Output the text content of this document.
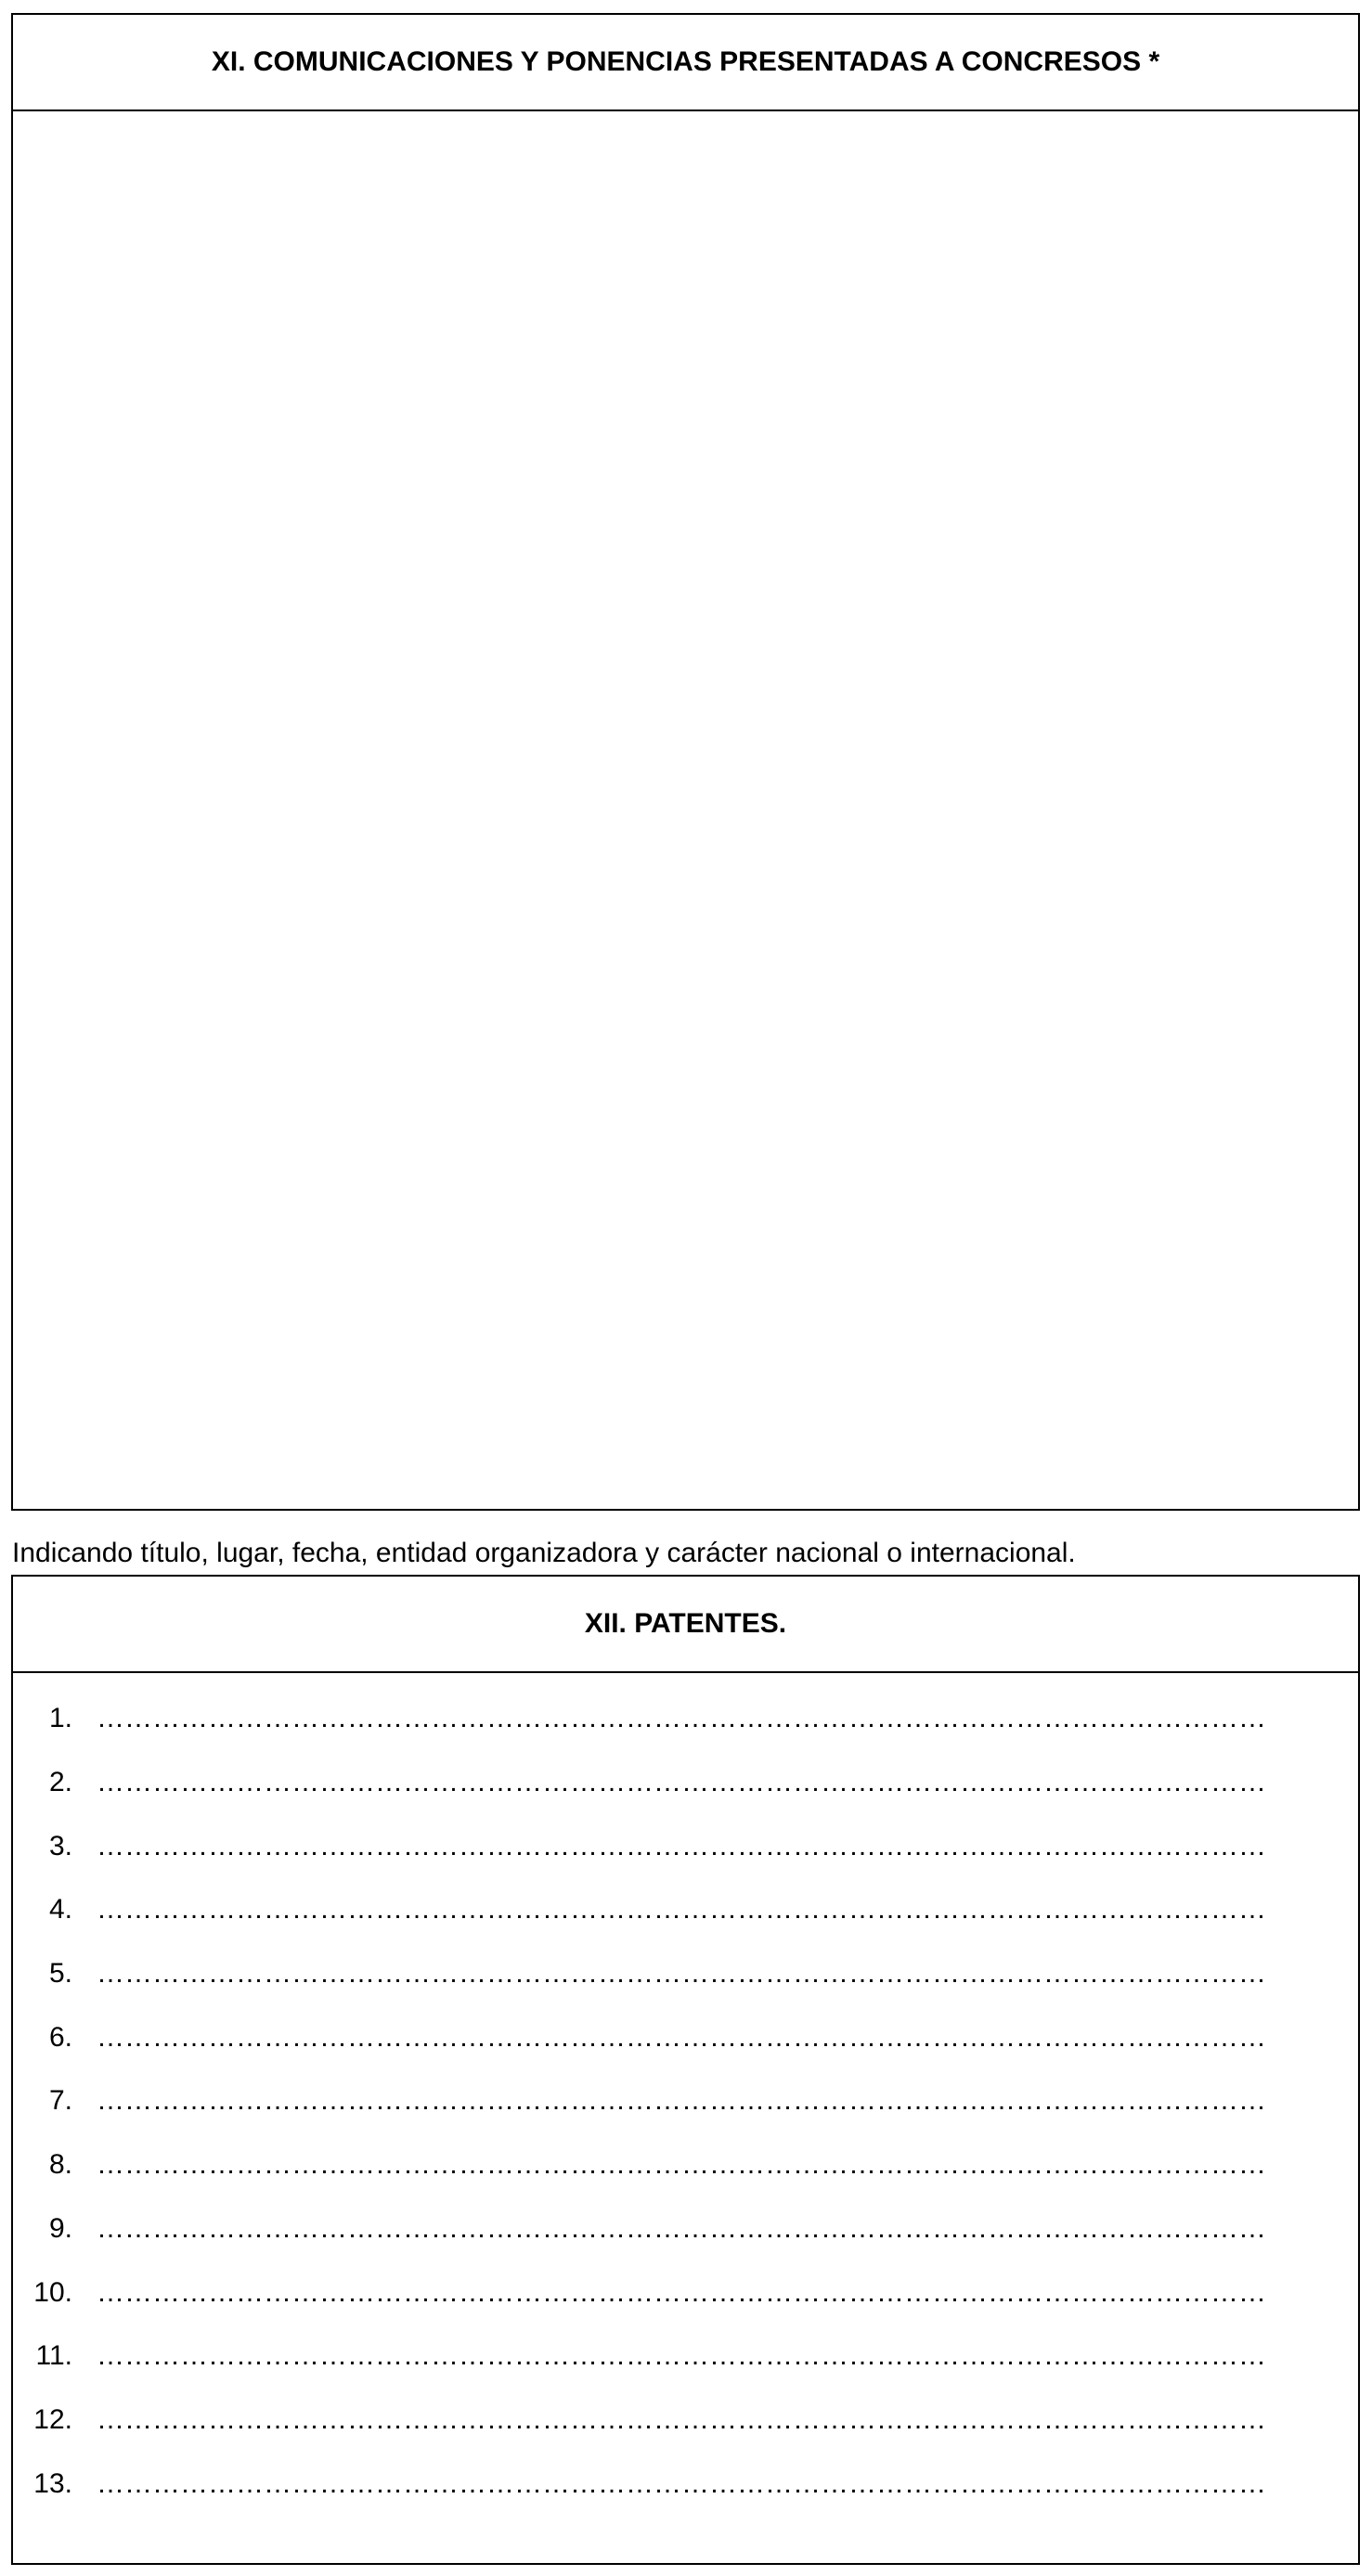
XI. COMUNICACIONES Y PONENCIAS PRESENTADAS A CONCRESOS *
Indicando título, lugar, fecha, entidad organizadora y carácter nacional o internacional.
XII. PATENTES.
1. ………………………………………………………………………………………………………………
2. ………………………………………………………………………………………………………………
3. ………………………………………………………………………………………………………………
4. ………………………………………………………………………………………………………………
5. ………………………………………………………………………………………………………………
6. ………………………………………………………………………………………………………………
7. ………………………………………………………………………………………………………………
8. ………………………………………………………………………………………………………………
9. ………………………………………………………………………………………………………………
10. ………………………………………………………………………………………………………………
11. ………………………………………………………………………………………………………………
12. ………………………………………………………………………………………………………………
13. ………………………………………………………………………………………………………………
